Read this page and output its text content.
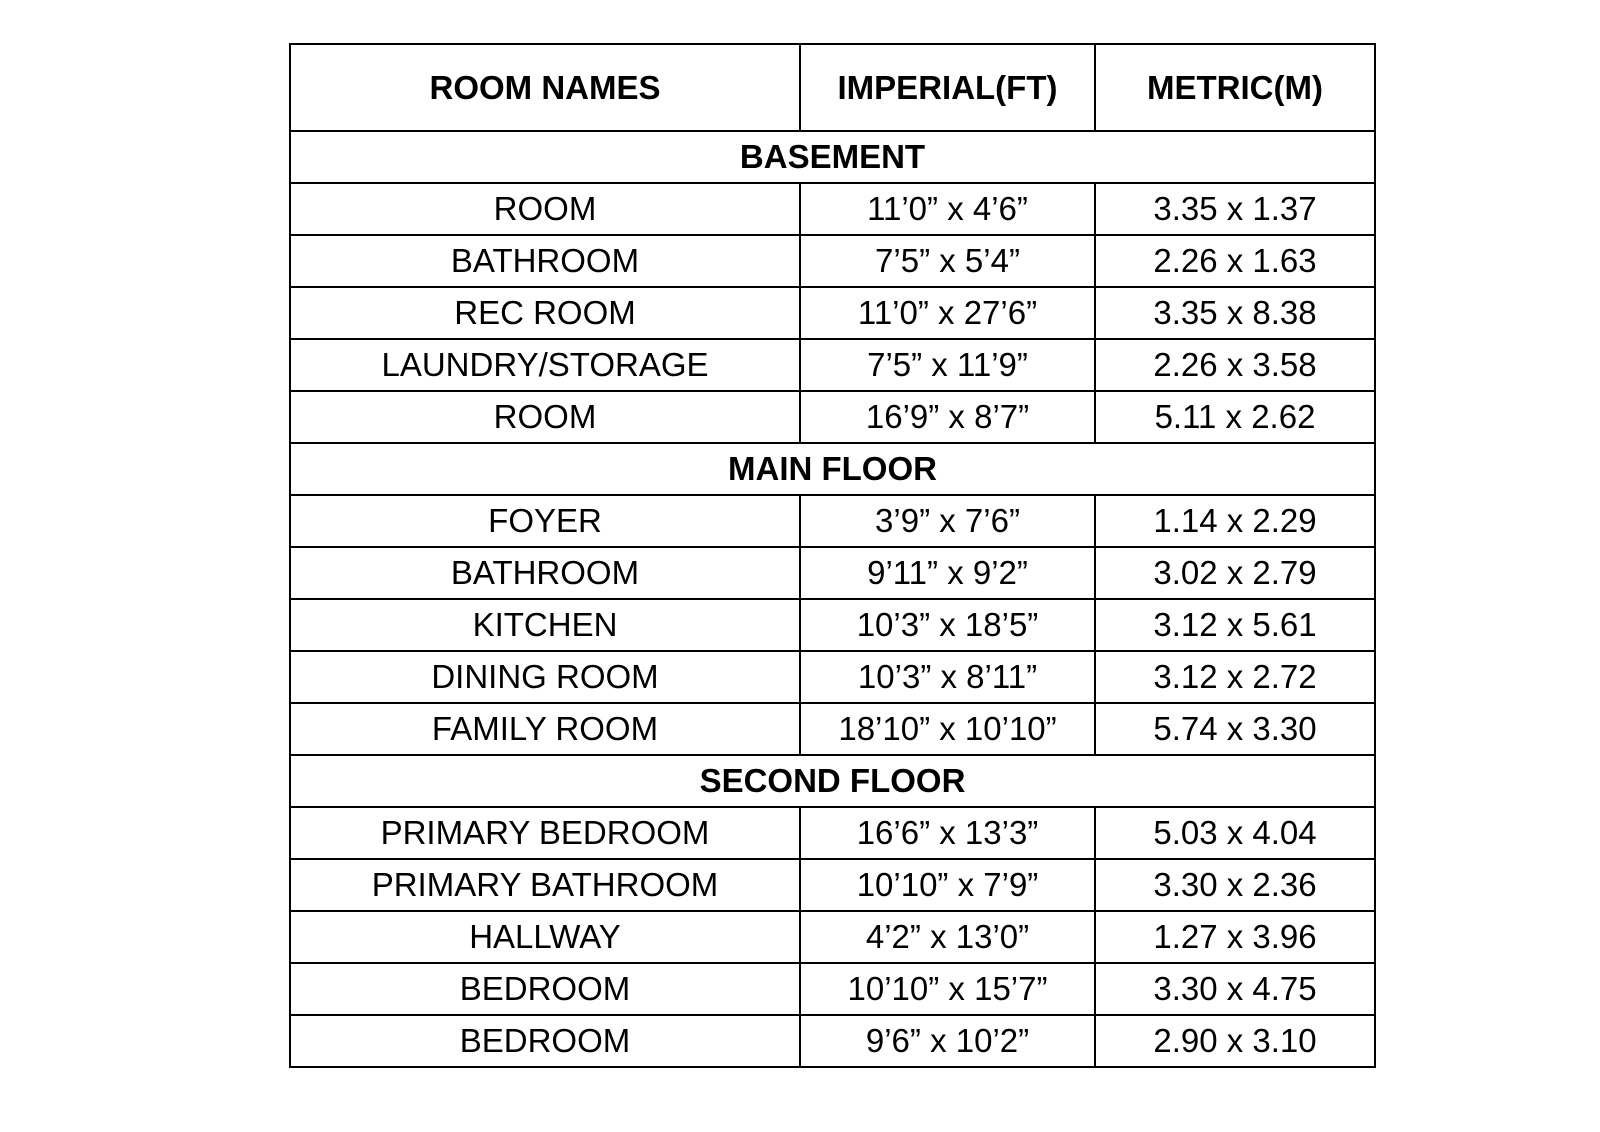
ROOM NAMES	IMPERIAL(FT)	METRIC(M)
BASEMENT		
ROOM	11’0” x 4’6”	3.35 x 1.37
BATHROOM	7’5” x 5’4”	2.26 x 1.63
REC ROOM	11’0” x 27’6”	3.35 x 8.38
LAUNDRY/STORAGE	7’5” x 11’9”	2.26 x 3.58
ROOM	16’9” x 8’7”	5.11 x 2.62
MAIN FLOOR		
FOYER	3’9” x 7’6”	1.14 x 2.29
BATHROOM	9’11” x 9’2”	3.02 x 2.79
KITCHEN	10’3” x 18’5”	3.12 x 5.61
DINING ROOM	10’3” x 8’11”	3.12 x 2.72
FAMILY ROOM	18’10” x 10’10”	5.74 x 3.30
SECOND FLOOR		
PRIMARY BEDROOM	16’6” x 13’3”	5.03 x 4.04
PRIMARY BATHROOM	10’10” x 7’9”	3.30 x 2.36
HALLWAY	4’2” x 13’0”	1.27 x 3.96
BEDROOM	10’10” x 15’7”	3.30 x 4.75
BEDROOM	9’6” x 10’2”	2.90 x 3.10
